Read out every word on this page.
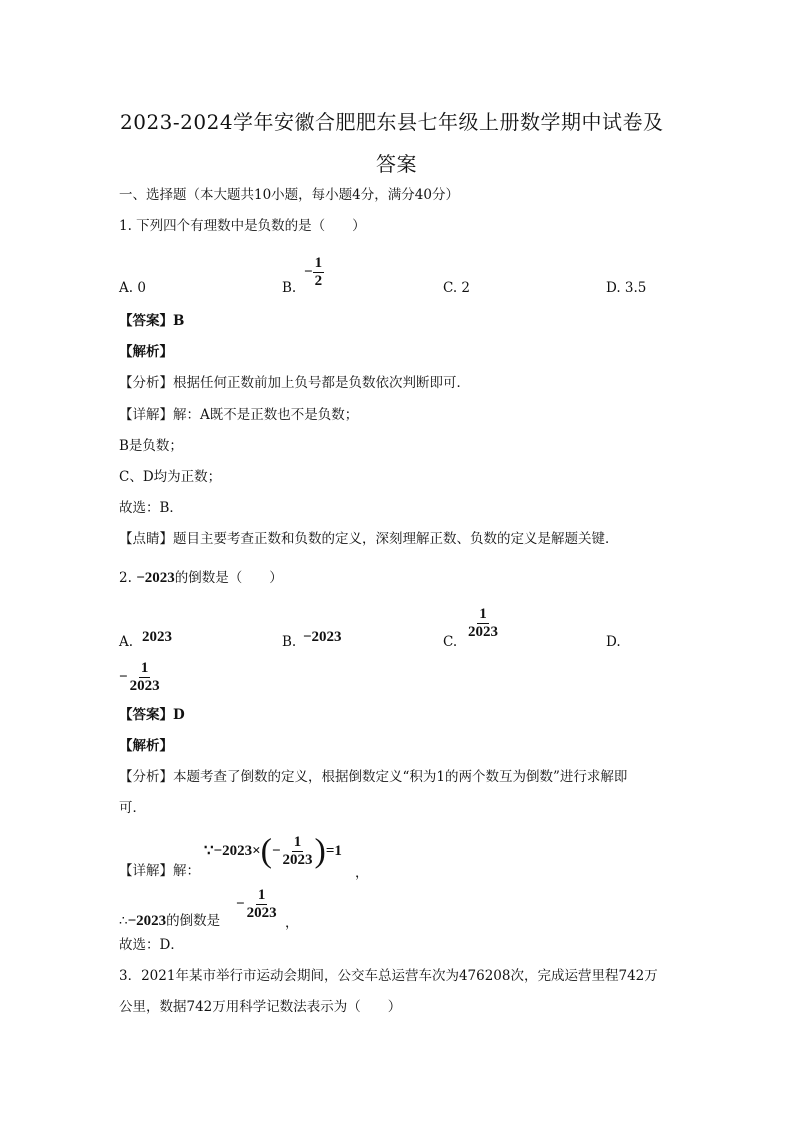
2023-2024学年安徽合肥肥东县七年级上册数学期中试卷及
答案
一、选择题（本大题共10小题，每小题4分，满分40分）
1. 下列四个有理数中是负数的是（　　）
A. 0	B.
− $\frac{1}{2}$	C. 2	D. 3.5
【答案】B
【解析】
【分析】根据任何正数前加上负号都是负数依次判断即可．
【详解】解：A既不是正数也不是负数；
B是负数；
C、D均为正数；
故选：B．
【点睛】题目主要考查正数和负数的定义，深刻理解正数、负数的定义是解题关键．
2. −2023的倒数是（　　）
A. 2023	B. −2023	C.
$\frac{1}{2023}$
D.
− $\frac{1}{2023}$
【答案】D
【解析】
【分析】本题考查了倒数的定义，根据倒数定义“积为1的两个数互为倒数”进行求解即
可．
【详解】解：
∵−2023×(− $\frac{1}{2023} )=1$
，
∴−2023的倒数是
− $\frac{1}{2023}$
，
故选：D．
3．2021年某市举行市运动会期间，公交车总运营车次为476208次，完成运营里程742万
公里，数据742万用科学记数法表示为（　　）
